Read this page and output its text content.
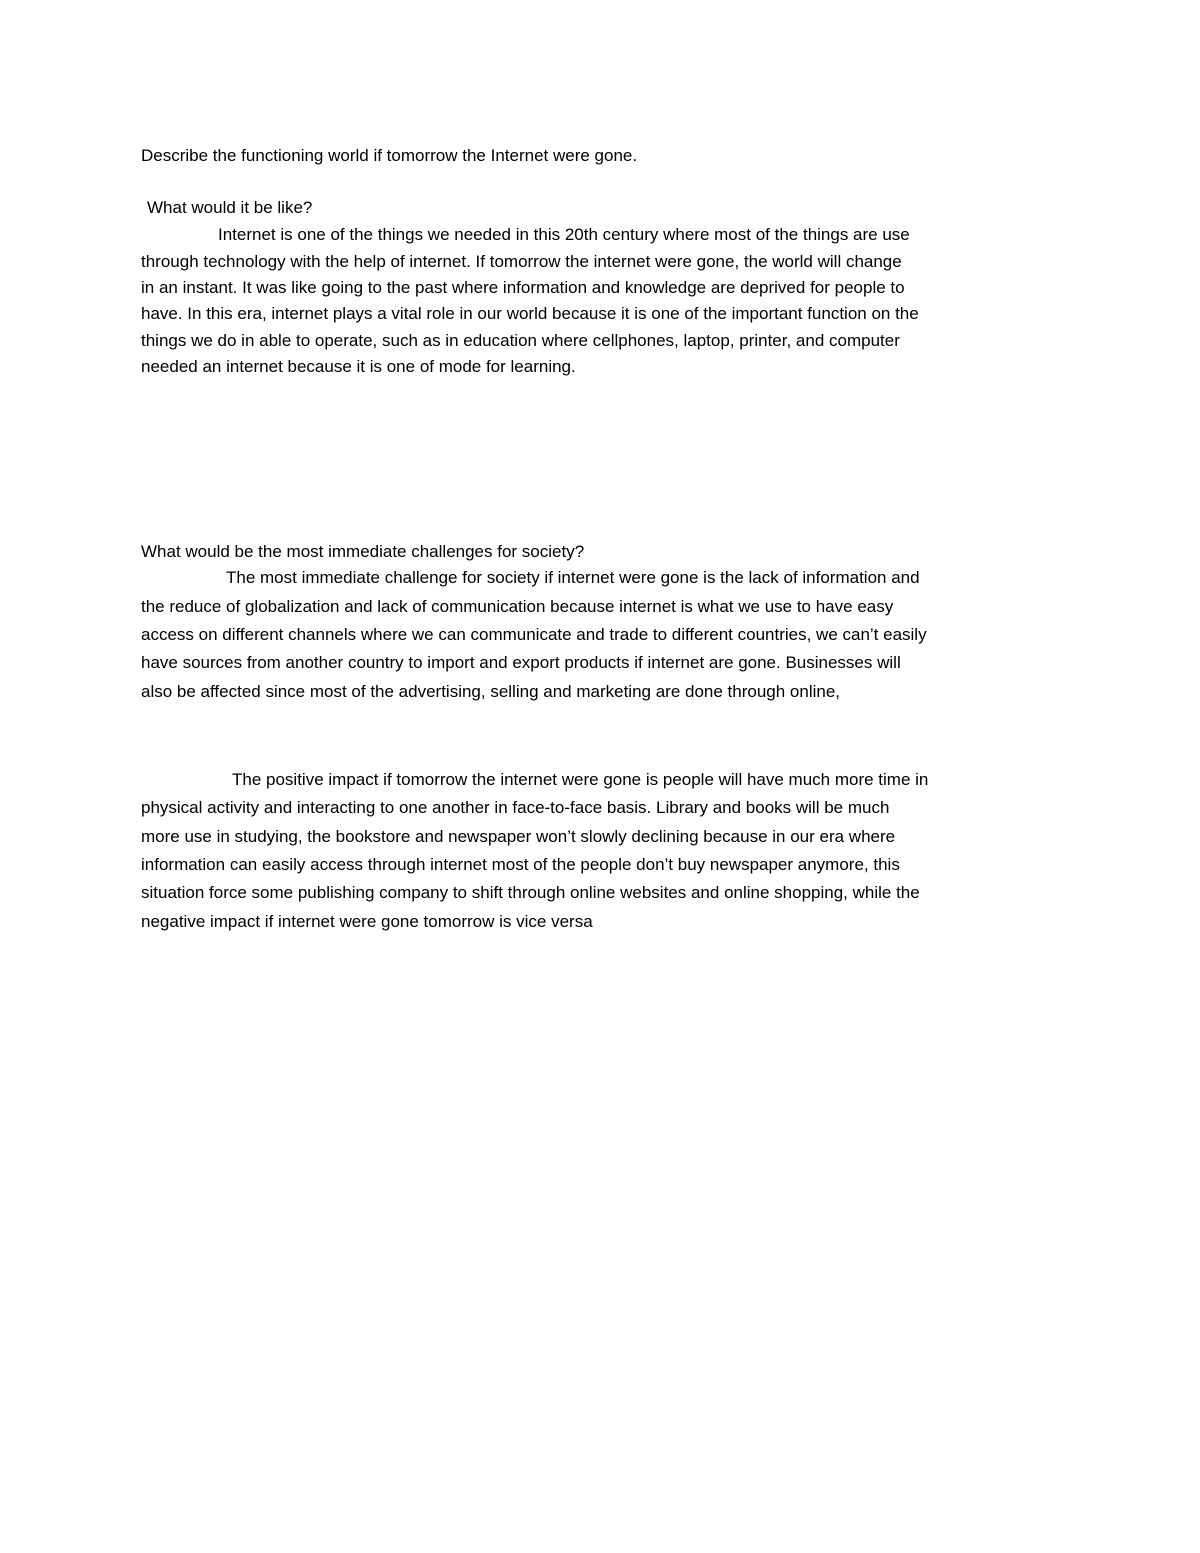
Describe the functioning world if tomorrow the Internet were gone.
What would it be like?
Internet is one of the things we needed in this 20th century where most of the things are use
through technology with the help of internet. If tomorrow the internet were gone, the world will change
in an instant. It was like going to the past where information and knowledge are deprived for people to
have. In this era, internet plays a vital role in our world because it is one of the important function on the
things we do in able to operate, such as in education where cellphones, laptop, printer, and computer
needed an internet because it is one of mode for learning.
What would be the most immediate challenges for society?
The most immediate challenge for society if internet were gone is the lack of information and
the reduce of globalization and lack of communication because internet is what we use to have easy
access on different channels where we can communicate and trade to different countries, we can’t easily
have sources from another country to import and export products if internet are gone. Businesses will
also be affected since most of the advertising, selling and marketing are done through online,
The positive impact if tomorrow the internet were gone is people will have much more time in
physical activity and interacting to one another in face-to-face basis. Library and books will be much
more use in studying, the bookstore and newspaper won’t slowly declining because in our era where
information can easily access through internet most of the people don’t buy newspaper anymore, this
situation force some publishing company to shift through online websites and online shopping, while the
negative impact if internet were gone tomorrow is vice versa
